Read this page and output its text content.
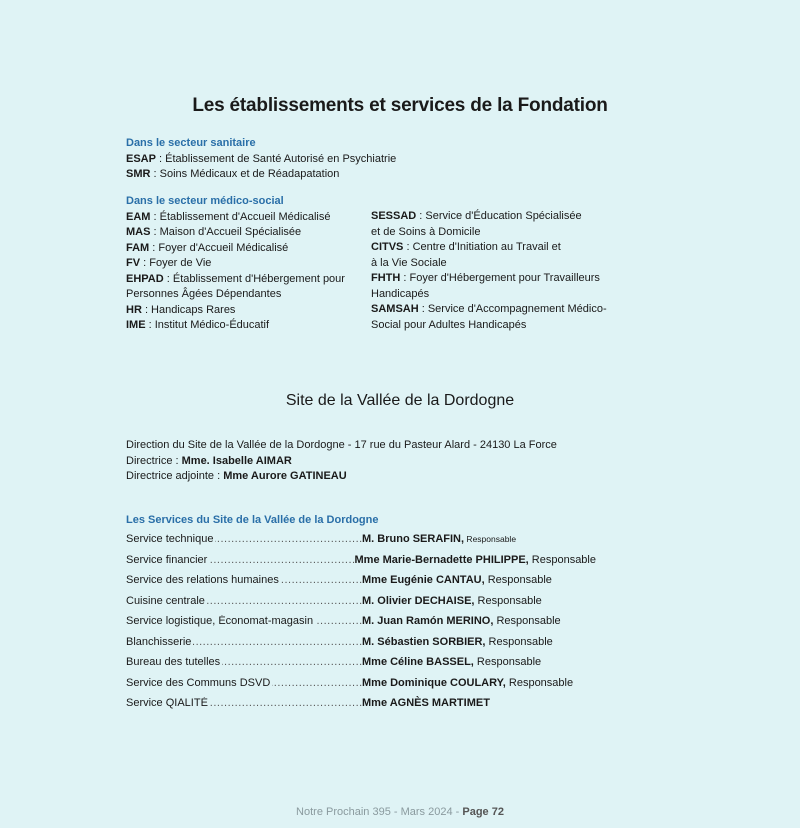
Les établissements et services de la Fondation
Dans le secteur sanitaire
ESAP : Établissement de Santé Autorisé en Psychiatrie
SMR : Soins Médicaux et de Réadapatation
Dans le secteur médico-social
EAM : Établissement d'Accueil Médicalisé
MAS : Maison d'Accueil Spécialisée
FAM : Foyer d'Accueil Médicalisé
FV : Foyer de Vie
EHPAD : Établissement d'Hébergement pour
Personnes Âgées Dépendantes
HR : Handicaps Rares
IME : Institut Médico-Éducatif
SESSAD : Service d'Éducation Spécialisée
et de Soins à Domicile
CITVS : Centre d'Initiation au Travail et
à la Vie Sociale
FHTH : Foyer d'Hébergement pour Travailleurs
Handicapés
SAMSAH : Service d'Accompagnement Médico-
Social pour Adultes Handicapés
Site de la Vallée de la Dordogne
Direction du Site de la Vallée de la Dordogne - 17 rue du Pasteur Alard - 24130 La Force
Directrice : Mme. Isabelle AIMAR
Directrice adjointe : Mme Aurore GATINEAU
Les Services du Site de la Vallée de la Dordogne
Service technique .....	M. Bruno SERAFIN, Responsable
Service financier .....	Mme Marie-Bernadette PHILIPPE, Responsable
Service des relations humaines .....	Mme Eugénie CANTAU, Responsable
Cuisine centrale .....	M. Olivier DECHAISE, Responsable
Service logistique, Économat-magasin .....	M. Juan Ramón MERINO, Responsable
Blanchisserie .....	M. Sébastien SORBIER, Responsable
Bureau des tutelles .....	Mme Céline BASSEL, Responsable
Service des Communs DSVD .....	Mme Dominique COULARY, Responsable
Service QIALITÉ .....	Mme AGNÈS MARTIMET
Notre Prochain 395 - Mars 2024 - Page 72
